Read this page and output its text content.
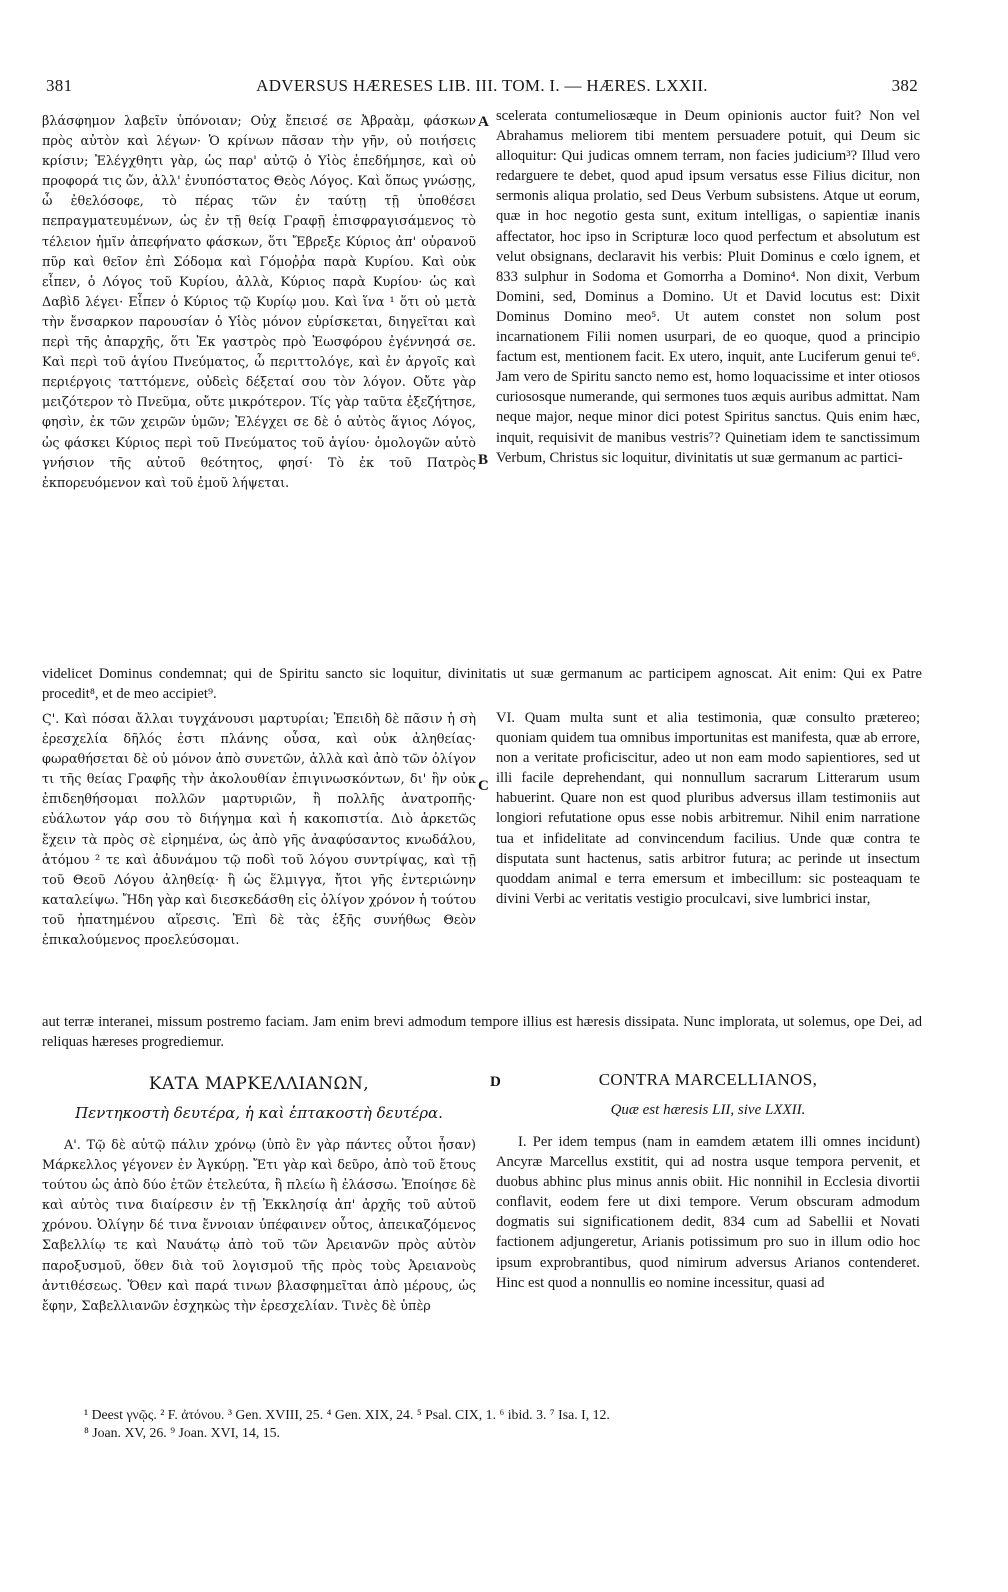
381	ADVERSUS HÆRESES LIB. III. TOM. I. — HÆRES. LXXII.	382
A
B
C
D

βλάσφημον λαβεῖν ὑπόνοιαν; Οὐχ ἔπεισέ σε Ἀβραὰμ, φάσκων πρὸς αὐτὸν καὶ λέγων· Ὁ κρίνων πᾶσαν τὴν γῆν, οὐ ποιήσεις κρίσιν; Ἐλέγχθητι γὰρ, ὡς παρ' αὐτῷ ὁ Υἱὸς ἐπεδήμησε, καὶ οὐ προφορά τις ὤν, ἀλλ' ἐνυπόστατος Θεὸς Λόγος. Καὶ ὅπως γνώσῃς, ὦ ἐθελόσοφε, τὸ πέρας τῶν ἐν ταύτῃ τῇ ὑποθέσει πεπραγματευμένων, ὡς ἐν τῇ θείᾳ Γραφῇ ἐπισφραγισάμενος τὸ τέλειον ἡμῖν ἀπεφήνατο φάσκων, ὅτι Ἔβρεξε Κύριος ἀπ' οὐρανοῦ πῦρ καὶ θεῖον ἐπὶ Σόδομα καὶ Γόμοῤῥα παρὰ Κυρίου. Καὶ οὐκ εἶπεν, ὁ Λόγος τοῦ Κυρίου, ἀλλὰ, Κύριος παρὰ Κυρίου· ὡς καὶ Δαβὶδ λέγει· Εἶπεν ὁ Κύριος τῷ Κυρίῳ μου. Καὶ ἵνα ¹ ὅτι οὐ μετὰ τὴν ἔνσαρκον παρουσίαν ὁ Υἱὸς μόνον εὑρίσκεται, διηγεῖται καὶ περὶ τῆς ἀπαρχῆς, ὅτι Ἐκ γαστρὸς πρὸ Ἑωσφόρου ἐγέννησά σε. Καὶ περὶ τοῦ ἁγίου Πνεύματος, ὦ περιττολόγε, καὶ ἐν ἀργοῖς καὶ περιέργοις ταττόμενε, οὐδεὶς δέξεταί σου τὸν λόγον. Οὔτε γὰρ μειζότερον τὸ Πνεῦμα, οὔτε μικρότερον. Τίς γὰρ ταῦτα ἐξεζήτησε, φησὶν, ἐκ τῶν χειρῶν ὑμῶν; Ἐλέγχει σε δὲ ὁ αὐτὸς ἅγιος Λόγος, ὡς φάσκει Κύριος περὶ τοῦ Πνεύματος τοῦ ἁγίου· ὁμολογῶν αὐτὸ γνήσιον τῆς αὐτοῦ θεότητος, φησί· Τὸ ἐκ τοῦ Πατρὸς ἐκπορευόμενον καὶ τοῦ ἐμοῦ λήψεται.

scelerata contumeliosæque in Deum opinionis auctor fuit? Non vel Abrahamus meliorem tibi mentem persuadere potuit, qui Deum sic alloquitur: Qui judicas omnem terram, non facies judicium³? Illud vero redarguere te debet, quod apud ipsum versatus esse Filius dicitur, non sermonis aliqua prolatio, sed Deus Verbum subsistens. Atque ut eorum, quæ in hoc negotio gesta sunt, exitum intelligas, o sapientiæ inanis affectator, hoc ipso in Scripturæ loco quod perfectum et absolutum est velut obsignans, declaravit his verbis: Pluit Dominus e cœlo ignem, et 833 sulphur in Sodoma et Gomorrha a Domino⁴. Non dixit, Verbum Domini, sed, Dominus a Domino. Ut et David locutus est: Dixit Dominus Domino meo⁵. Ut autem constet non solum post incarnationem Filii nomen usurpari, de eo quoque, quod a principio factum est, mentionem facit. Ex utero, inquit, ante Luciferum genui te⁶. Jam vero de Spiritu sancto nemo est, homo loquacissime et inter otiosos curiososque numerande, qui sermones tuos æquis auribus admittat. Nam neque major, neque minor dici potest Spiritus sanctus. Quis enim hæc, inquit, requisivit de manibus vestris⁷? Quinetiam idem te sanctissimum Verbum, Christus sic loquitur, divinitatis ut suæ germanum ac partici-

videlicet Dominus condemnat; qui de Spiritu sancto sic loquitur, divinitatis ut suæ germanum ac participem agnoscat. Ait enim: Qui ex Patre procedit⁸, et de meo accipiet⁹.

Ϛ'. Καὶ πόσαι ἄλλαι τυγχάνουσι μαρτυρίαι; Ἐπειδὴ δὲ πᾶσιν ἡ σὴ ἐρεσχελία δῆλός ἐστι πλάνης οὖσα, καὶ οὐκ ἀληθείας· φωραθήσεται δὲ οὐ μόνον ἀπὸ συνετῶν, ἀλλὰ καὶ ἀπὸ τῶν ὀλίγον τι τῆς θείας Γραφῆς τὴν ἀκολουθίαν ἐπιγινωσκόντων, δι' ἣν οὐκ ἐπιδεηθήσομαι πολλῶν μαρτυριῶν, ἢ πολλῆς ἀνατροπῆς· εὐάλωτον γάρ σου τὸ διήγημα καὶ ἡ κακοπιστία. Διὸ ἀρκετῶς ἔχειν τὰ πρὸς σὲ εἰρημένα, ὡς ἀπὸ γῆς ἀναφύσαντος κνωδάλου, ἀτόμου ² τε καὶ ἀδυνάμου τῷ ποδὶ τοῦ λόγου συντρίψας, καὶ τῇ τοῦ Θεοῦ Λόγου ἀληθείᾳ· ἢ ὡς ἕλμιγγα, ἤτοι γῆς ἐντεριώνην καταλείψω. Ἤδη γὰρ καὶ διεσκεδάσθη εἰς ὀλίγον χρόνον ἡ τούτου τοῦ ἠπατημένου αἵρεσις. Ἐπὶ δὲ τὰς ἑξῆς συνήθως Θεὸν ἐπικαλούμενος προελεύσομαι.

VI. Quam multa sunt et alia testimonia, quæ consulto prætereo; quoniam quidem tua omnibus importunitas est manifesta, quæ ab errore, non a veritate proficiscitur, adeo ut non eam modo sapientiores, sed ut illi facile deprehendant, qui nonnullum sacrarum Litterarum usum habuerint. Quare non est quod pluribus adversus illam testimoniis aut longiori refutatione opus esse nobis arbitremur. Nihil enim narratione tua et infidelitate ad convincendum facilius. Unde quæ contra te disputata sunt hactenus, satis arbitror futura; ac perinde ut insectum quoddam animal e terra emersum et imbecillum: sic posteaquam te divini Verbi ac veritatis vestigio proculcavi, sive lumbrici instar,

aut terræ interanei, missum postremo faciam. Jam enim brevi admodum tempore illius est hæresis dissipata. Nunc implorata, ut solemus, ope Dei, ad reliquas hæreses progrediemur.

ΚΑΤΑ ΜΑΡΚΕΛΛΙΑΝΩΝ,
Πεντηκοστὴ δευτέρα, ἡ καὶ ἑπτακοστὴ δευτέρα.
CONTRA MARCELLIANOS,
Quæ est hæresis LII, sive LXXII.

Α'. Τῷ δὲ αὐτῷ πάλιν χρόνῳ (ὑπὸ ἓν γὰρ πάντες οὗτοι ἦσαν) Μάρκελλος γέγονεν ἐν Ἀγκύρῃ. Ἔτι γὰρ καὶ δεῦρο, ἀπὸ τοῦ ἔτους τούτου ὡς ἀπὸ δύο ἐτῶν ἐτελεύτα, ἢ πλείω ἢ ἐλάσσω. Ἐποίησε δὲ καὶ αὐτὸς τινα διαίρεσιν ἐν τῇ Ἐκκλησίᾳ ἀπ' ἀρχῆς τοῦ αὐτοῦ χρόνου. Ὀλίγην δέ τινα ἔννοιαν ὑπέφαινεν οὗτος, ἀπεικαζόμενος Σαβελλίῳ τε καὶ Ναυάτῳ ἀπὸ τοῦ τῶν Ἀρειανῶν πρὸς αὐτὸν παροξυσμοῦ, ὅθεν διὰ τοῦ λογισμοῦ τῆς πρὸς τοὺς Ἀρειανοὺς ἀντιθέσεως. Ὅθεν καὶ παρά τινων βλασφημεῖται ἀπὸ μέρους, ὡς ἔφην, Σαβελλιανῶν ἐσχηκὼς τὴν ἐρεσχελίαν. Τινὲς δὲ ὑπὲρ

I. Per idem tempus (nam in eamdem ætatem illi omnes incidunt) Ancyræ Marcellus exstitit, qui ad nostra usque tempora pervenit, et duobus abhinc plus minus annis obiit. Hic nonnihil in Ecclesia divortii conflavit, eodem fere ut dixi tempore. Verum obscuram admodum dogmatis sui significationem dedit, 834 cum ad Sabellii et Novati factionem adjungeretur, Arianis potissimum pro suo in illum odio hoc ipsum exprobrantibus, quod nimirum adversus Arianos contenderet. Hinc est quod a nonnullis eo nomine incessitur, quasi ad

¹ Deest γνῷς. ² F. ἀτόνου. ³ Gen. XVIII, 25. ⁴ Gen. XIX, 24. ⁵ Psal. CIX, 1. ⁶ ibid. 3. ⁷ Isa. I, 12.
⁸ Joan. XV, 26. ⁹ Joan. XVI, 14, 15.
